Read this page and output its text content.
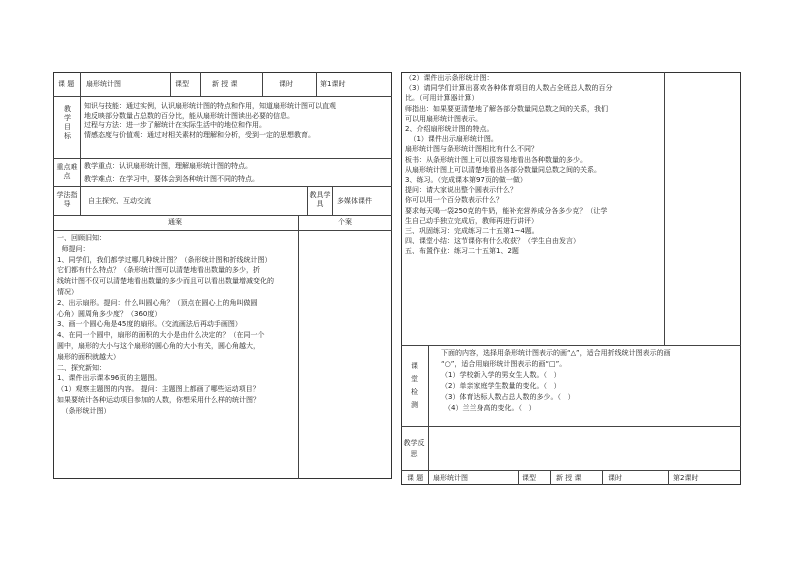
课 题 扇形统计图	课型	新 授 课	课时	第1课时
教学目标
知识与技能：通过实例，认识扇形统计图的特点和作用，知道扇形统计图可以直观
地反映部分数量占总数的百分比，能从扇形统计图读出必要的信息。
过程与方法：进一步了解统计在实际生活中的地位和作用。
情感态度与价值观：通过对相关素材的理解和分析，受到一定的思想教育。
重点难点
教学重点：认识扇形统计图，理解扇形统计图的特点。
教学难点：在学习中，要体会到各种统计图不同的特点。
学法指导	自主探究、互动交流
教具学具	多媒体课件
通案	个案
一、回顾旧知：
师提问：
1、同学们，我们都学过哪几种统计图？（条形统计图和折线统计图）
它们都有什么特点？（条形统计图可以清楚地看出数量的多少，折
线统计图不仅可以清楚地看出数量的多少而且可以看出数量增减变化的
情况）
2、出示扇形。提问：什么叫圆心角？（顶点在圆心上的角叫做圆
心角）圆周角多少度？（360度）
3、画一个圆心角是45度的扇形。（交流画法后再动手画图）
4、在同一个圆中，扇形的面积的大小是由什么决定的？（在同一个
圆中，扇形的大小与这个扇形的圆心角的大小有关，圆心角越大，
扇形的面积就越大）
二、探究新知：
1、课件出示课本96页的主题图。
（1）观察主题图的内容。 提问：主题图上都画了哪些运动项目？
如果要统计各种运动项目参加的人数，你想采用什么样的统计图？
（条形统计图）
（2）课件出示条形统计图：
（3）请同学们计算出喜欢各种体育项目的人数占全班总人数的百分
比。（可用计算器计算）
师指出：如果要更清楚地了解各部分数量同总数之间的关系，我们
可以用扇形统计图表示。
2、介绍扇形统计图的特点。
（1）课件出示扇形统计图。
扇形统计图与条形统计图相比有什么不同？
板书：从条形统计图上可以很容易地看出各种数量的多少。
从扇形统计图上可以清楚地看出各部分数量同总数之间的关系。
3、练习。（完成课本第97页的做一做）
提问：请大家说出整个圆表示什么？
你可以用一个百分数表示什么？
要求每天喝一袋250克的牛奶，能补充营养成分各多少克？（让学
生自己动手独立完成后，教师再进行讲评）
三、巩固练习：完成练习二十五第1~4题。
四、课堂小结：这节课你有什么收获？（学生自由发言）
五、布置作业：练习二十五第1、2题
课堂检测
下面的内容，选择用条形统计图表示的画“△”，适合用折线统计图表示的画
“○”，适合用扇形统计图表示的画“□”。
（1）学校新入学的男女生人数。（   ）
（2）单亲家庭学生数量的变化。（   ）
（3）体育达标人数占总人数的多少。（   ）
（4）兰兰身高的变化。（   ）
教学反思
课 题 扇形统计图	课型	新 授 课	课时	第2课时
